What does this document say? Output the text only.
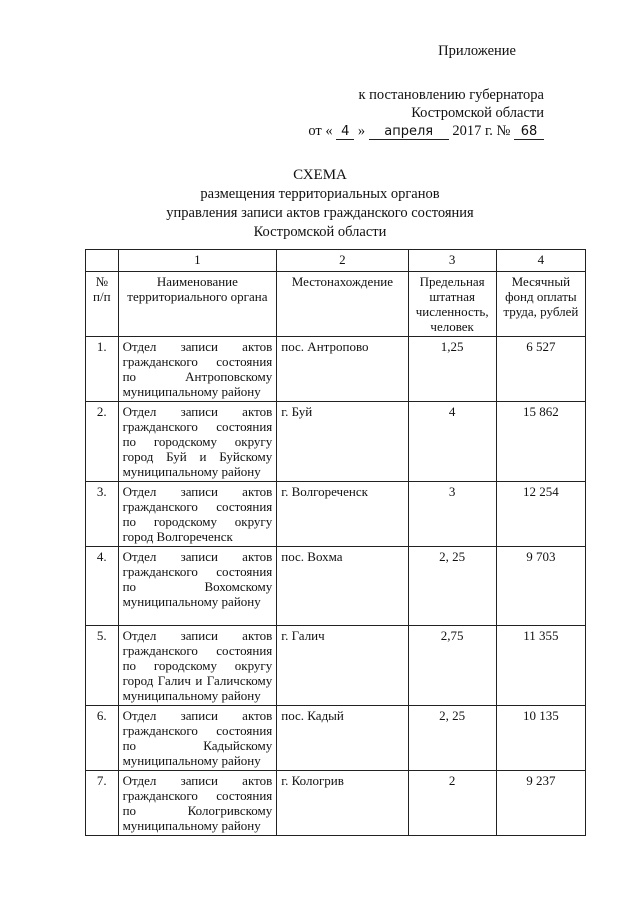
Приложение
к постановлению губернатора
Костромской области
от « 4 » апреля 2017 г. № 68
СХЕМА
размещения территориальных органов
управления записи актов гражданского состояния
Костромской области
	1	2	3	4
№ п/п	Наименование территориального органа	Местонахождение	Предельная штатная численность, человек	Месячный фонд оплаты труда, рублей
1.	Отдел записи актов гражданского состояния по Антроповскому муниципальному району	пос. Антропово	1,25	6 527
2.	Отдел записи актов гражданского состояния по городскому округу город Буй и Буйскому муниципальному району	г. Буй	4	15 862
3.	Отдел записи актов гражданского состояния по городскому округу город Волгореченск	г. Волгореченск	3	12 254
4.	Отдел записи актов гражданского состояния по Вохомскому муниципальному району	пос. Вохма	2, 25	9 703
5.	Отдел записи актов гражданского состояния по городскому округу город Галич и Галичскому муниципальному району	г. Галич	2,75	11 355
6.	Отдел записи актов гражданского состояния по Кадыйскому муниципальному району	пос. Кадый	2, 25	10 135
7.	Отдел записи актов гражданского состояния по Кологривскому муниципальному району	г. Кологрив	2	9 237
